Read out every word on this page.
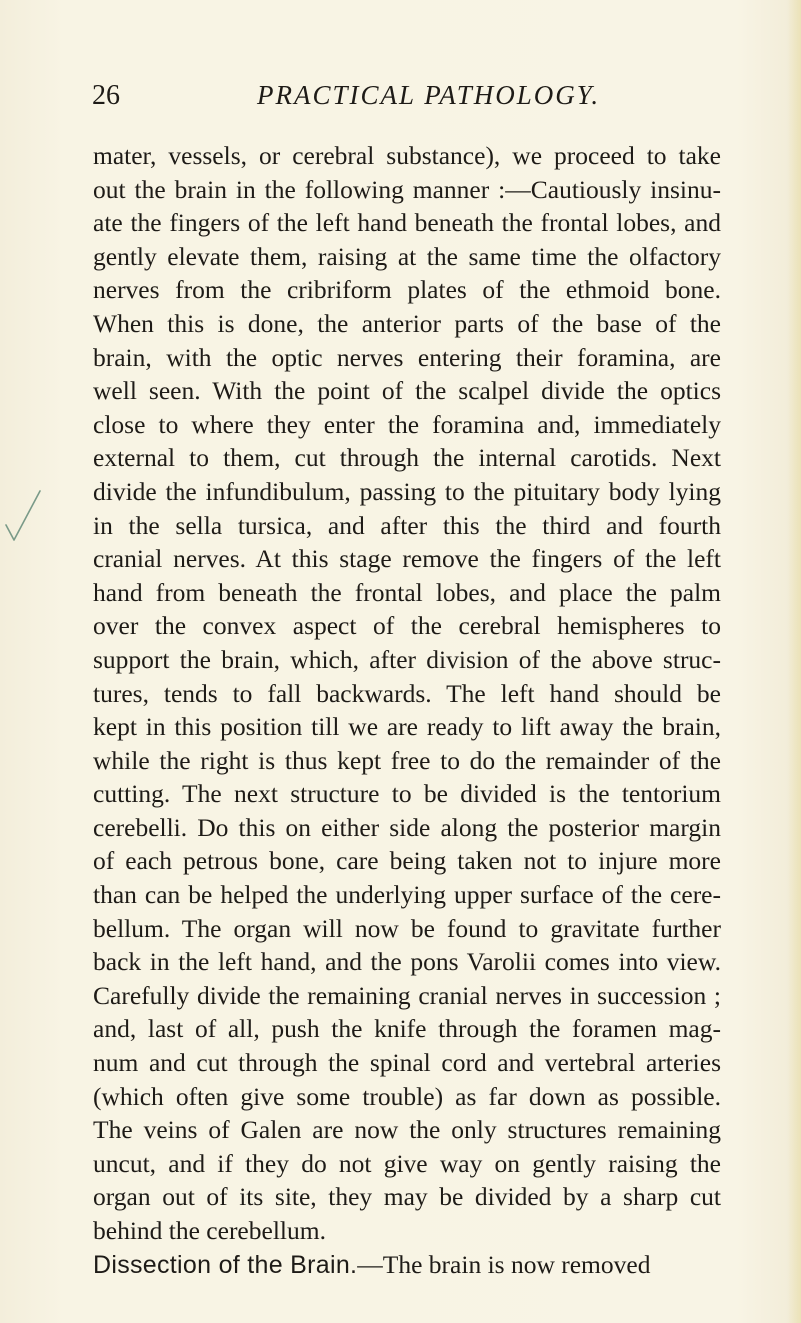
26	PRACTICAL PATHOLOGY.
mater, vessels, or cerebral substance), we proceed to take
out the brain in the following manner :—Cautiously insinu-
ate the fingers of the left hand beneath the frontal lobes, and
gently elevate them, raising at the same time the olfactory
nerves from the cribriform plates of the ethmoid bone.
When this is done, the anterior parts of the base of the
brain, with the optic nerves entering their foramina, are
well seen. With the point of the scalpel divide the optics
close to where they enter the foramina and, immediately
external to them, cut through the internal carotids. Next
divide the infundibulum, passing to the pituitary body lying
in the sella tursica, and after this the third and fourth
cranial nerves. At this stage remove the fingers of the left
hand from beneath the frontal lobes, and place the palm
over the convex aspect of the cerebral hemispheres to
support the brain, which, after division of the above struc-
tures, tends to fall backwards. The left hand should be
kept in this position till we are ready to lift away the brain,
while the right is thus kept free to do the remainder of the
cutting. The next structure to be divided is the tentorium
cerebelli. Do this on either side along the posterior margin
of each petrous bone, care being taken not to injure more
than can be helped the underlying upper surface of the cere-
bellum. The organ will now be found to gravitate further
back in the left hand, and the pons Varolii comes into view.
Carefully divide the remaining cranial nerves in succession ;
and, last of all, push the knife through the foramen mag-
num and cut through the spinal cord and vertebral arteries
(which often give some trouble) as far down as possible.
The veins of Galen are now the only structures remaining
uncut, and if they do not give way on gently raising the
organ out of its site, they may be divided by a sharp cut
behind the cerebellum.
Dissection of the Brain.—The brain is now removed
